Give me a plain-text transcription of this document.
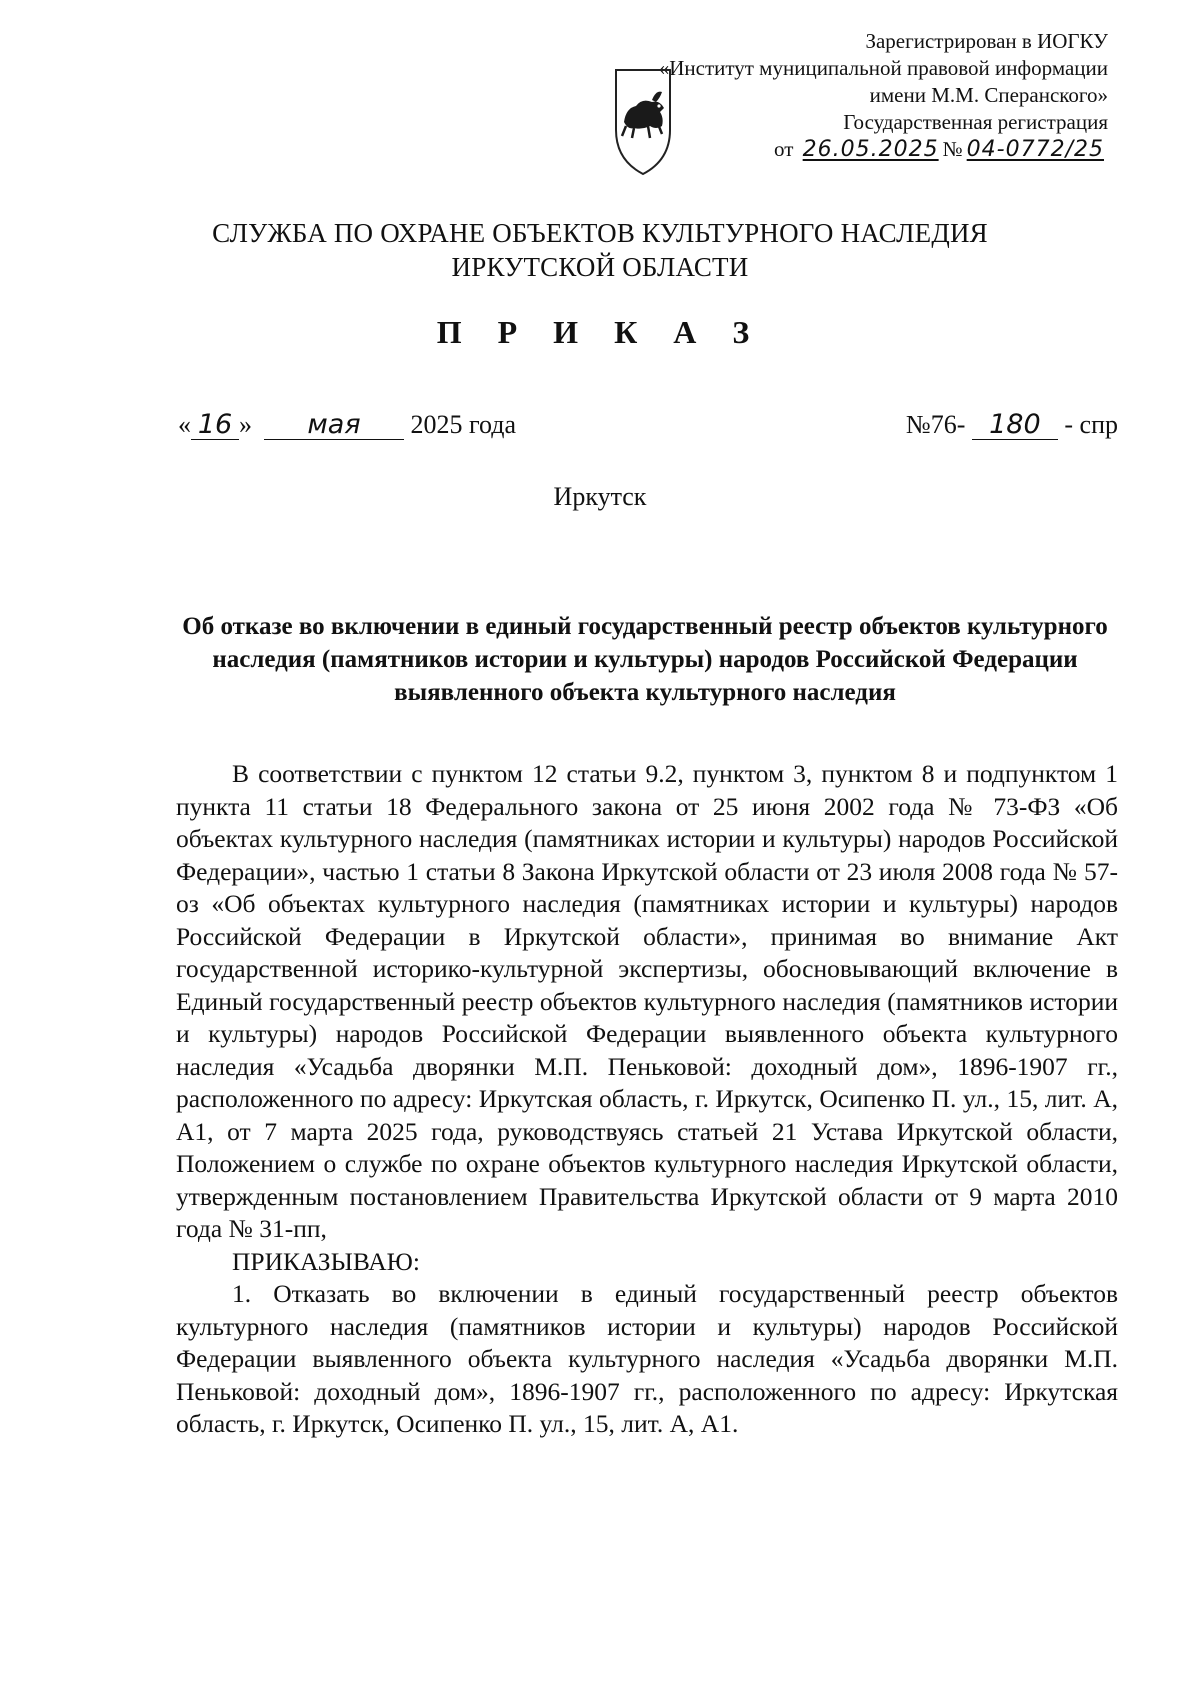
Зарегистрирован в ИОГКУ
«Институт муниципальной правовой информации
имени М.М. Сперанского»
Государственная регистрация
от 26.05.2025 № 04-0772/25
СЛУЖБА ПО ОХРАНЕ ОБЪЕКТОВ КУЛЬТУРНОГО НАСЛЕДИЯ
ИРКУТСКОЙ ОБЛАСТИ
П Р И К А З
« 16 » мая 2025 года	№76- 180 - спр
Иркутск
Об отказе во включении в единый государственный реестр объектов культурного наследия (памятников истории и культуры) народов Российской Федерации выявленного объекта культурного наследия

В соответствии с пунктом 12 статьи 9.2, пунктом 3, пунктом 8 и подпунктом 1 пункта 11 статьи 18 Федерального закона от 25 июня 2002 года № 73-ФЗ «Об объектах культурного наследия (памятниках истории и культуры) народов Российской Федерации», частью 1 статьи 8 Закона Иркутской области от 23 июля 2008 года № 57-оз «Об объектах культурного наследия (памятниках истории и культуры) народов Российской Федерации в Иркутской области», принимая во внимание Акт государственной историко-культурной экспертизы, обосновывающий включение в Единый государственный реестр объектов культурного наследия (памятников истории и культуры) народов Российской Федерации выявленного объекта культурного наследия «Усадьба дворянки М.П. Пеньковой: доходный дом», 1896-1907 гг., расположенного по адресу: Иркутская область, г. Иркутск, Осипенко П. ул., 15, лит. А, А1, от 7 марта 2025 года, руководствуясь статьей 21 Устава Иркутской области, Положением о службе по охране объектов культурного наследия Иркутской области, утвержденным постановлением Правительства Иркутской области от 9 марта 2010 года № 31-пп,

ПРИКАЗЫВАЮ:

1. Отказать во включении в единый государственный реестр объектов культурного наследия (памятников истории и культуры) народов Российской Федерации выявленного объекта культурного наследия «Усадьба дворянки М.П. Пеньковой: доходный дом», 1896-1907 гг., расположенного по адресу: Иркутская область, г. Иркутск, Осипенко П. ул., 15, лит. А, А1.
